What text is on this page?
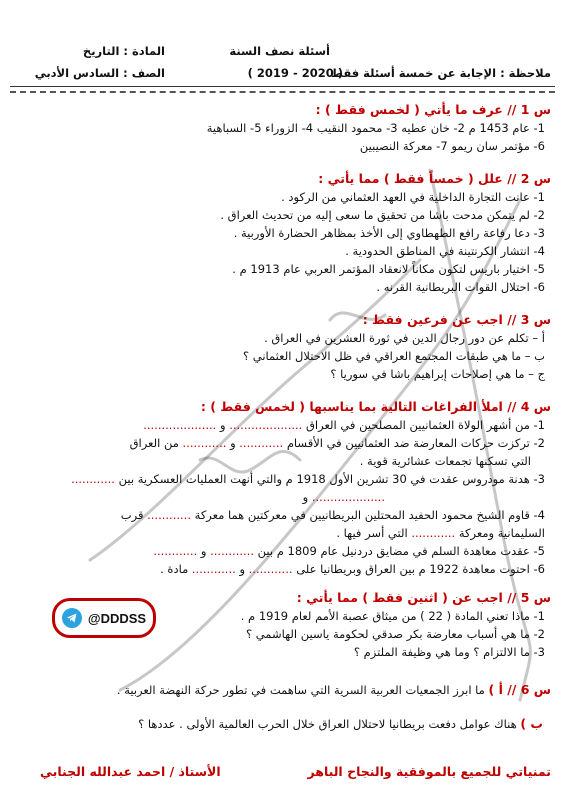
المادة : التاريخ
الصف : السادس الأدبي
أسئلة نصف السنة
ملاحظة : الإجابة عن خمسة أسئلة فقط
( 2019 - 2020 )
س 1 // عرف ما يأتي ( لخمس فقط ) :
1- عام 1453 م 2- خان عطيه 3- محمود النقيب 4- الزوراء 5- السباهية
6- مؤتمر سان ريمو 7- معركة النصيبين
س 2 // علل ( خمساً فقط ) مما يأتي :
1- عانت التجارة الداخلية في العهد العثماني من الركود .
2- لم يتمكن مدحت باشا من تحقيق ما سعى إليه من تحديث العراق .
3- دعا رفاعة رافع الطهطاوي إلى الأخذ بمظاهر الحضارة الأوربية .
4- انتشار الكرنتينة في المناطق الحدودية .
5- اختيار باريس لتكون مكاناً لانعقاد المؤتمر العربي عام 1913 م .
6- احتلال القوات البريطانية القرنه .
س 3 // اجب عن فرعين فقط :
أ – تكلم عن دور رجال الدين في ثورة العشرين في العراق .
ب – ما هي طبقات المجتمع العراقي في ظل الاحتلال العثماني ؟
ج – ما هي إصلاحات إبراهيم باشا في سوريا ؟
س 4 // املأ الفراغات التالية بما يناسبها ( لخمس فقط ) :
1- من أشهر الولاة العثمانيين المصلحين في العراق .................... و ....................
2- تركزت حركات المعارضة ضد العثمانيين في الأقسام ............ و ............ من العراق
التي تسكنها تجمعات عشائرية قوية .
3- هدنة مودروس عقدت في 30 تشرين الأول 1918 م والتي أنهت العمليات العسكرية بين ............
.................... و
4- قاوم الشيخ محمود الحفيد المحتلين البريطانيين في معركتين هما معركة ............ قرب
السليمانية ومعركة ............ التي أسر فيها .
5- عقدت معاهدة السلم في مضايق دردنيل عام 1809 م بين ............ و ............
6- احتوت معاهدة 1922 م بين العراق وبريطانيا على ............ و ............ مادة .
@DDDSS
س 5 // اجب عن ( اثنين فقط ) مما يأتي :
1- ماذا تعني المادة ( 22 ) من ميثاق عصبة الأمم لعام 1919 م .
2- ما هي أسباب معارضة بكر صدقي لحكومة ياسين الهاشمي ؟
3- ما الالتزام ؟ وما هي وظيفة الملتزم ؟
س 6 // أ ) ما ابرز الجمعيات العربية السرية التي ساهمت في تطور حركة النهضة العربية .
ب ) هناك عوامل دفعت بريطانيا لاحتلال العراق خلال الحرب العالمية الأولى . عددها ؟
تمنياتي للجميع بالموفقية والنجاح الباهر
الأستاذ / احمد عبدالله الجنابي
